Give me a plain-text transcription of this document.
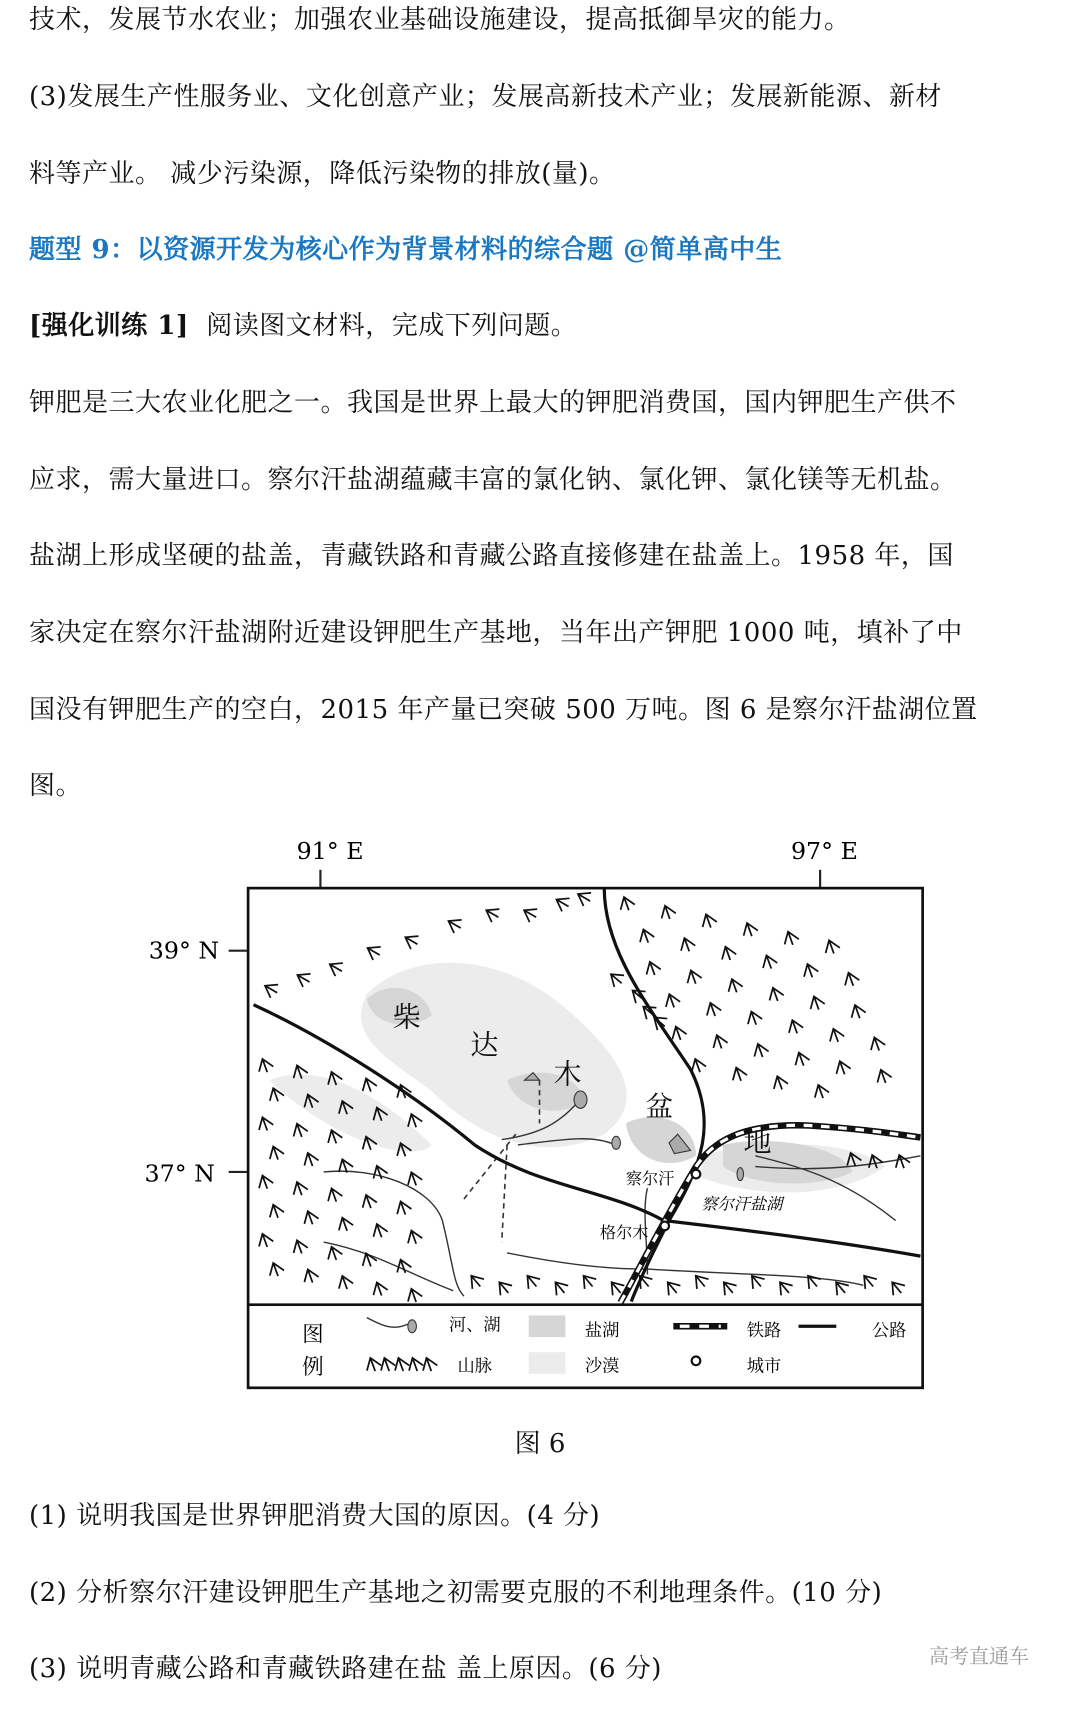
技术，发展节水农业；加强农业基础设施建设，提高抵御旱灾的能力。
(3)发展生产性服务业、文化创意产业；发展高新技术产业；发展新能源、新材
料等产业。 减少污染源，降低污染物的排放(量)。
题型 9：以资源开发为核心作为背景材料的综合题 @简单高中生
[强化训练 1] 阅读图文材料，完成下列问题。
钾肥是三大农业化肥之一。我国是世界上最大的钾肥消费国，国内钾肥生产供不
应求，需大量进口。察尔汗盐湖蕴藏丰富的氯化钠、氯化钾、氯化镁等无机盐。
盐湖上形成坚硬的盐盖，青藏铁路和青藏公路直接修建在盐盖上。1958 年，国
家决定在察尔汗盐湖附近建设钾肥生产基地，当年出产钾肥 1000 吨，填补了中
国没有钾肥生产的空白，2015 年产量已突破 500 万吨。图 6 是察尔汗盐湖位置
图。
91° E	97° E
39° N
37° N
柴
达
木
盆
地
察尔汗
格尔木
察尔汗盐湖
图
例
河、湖	盐湖	铁路	公路
山脉	沙漠	城市
图 6
(1) 说明我国是世界钾肥消费大国的原因。(4 分)
(2) 分析察尔汗建设钾肥生产基地之初需要克服的不利地理条件。(10 分)
(3) 说明青藏公路和青藏铁路建在盐 盖上原因。(6 分)	高考直通车
